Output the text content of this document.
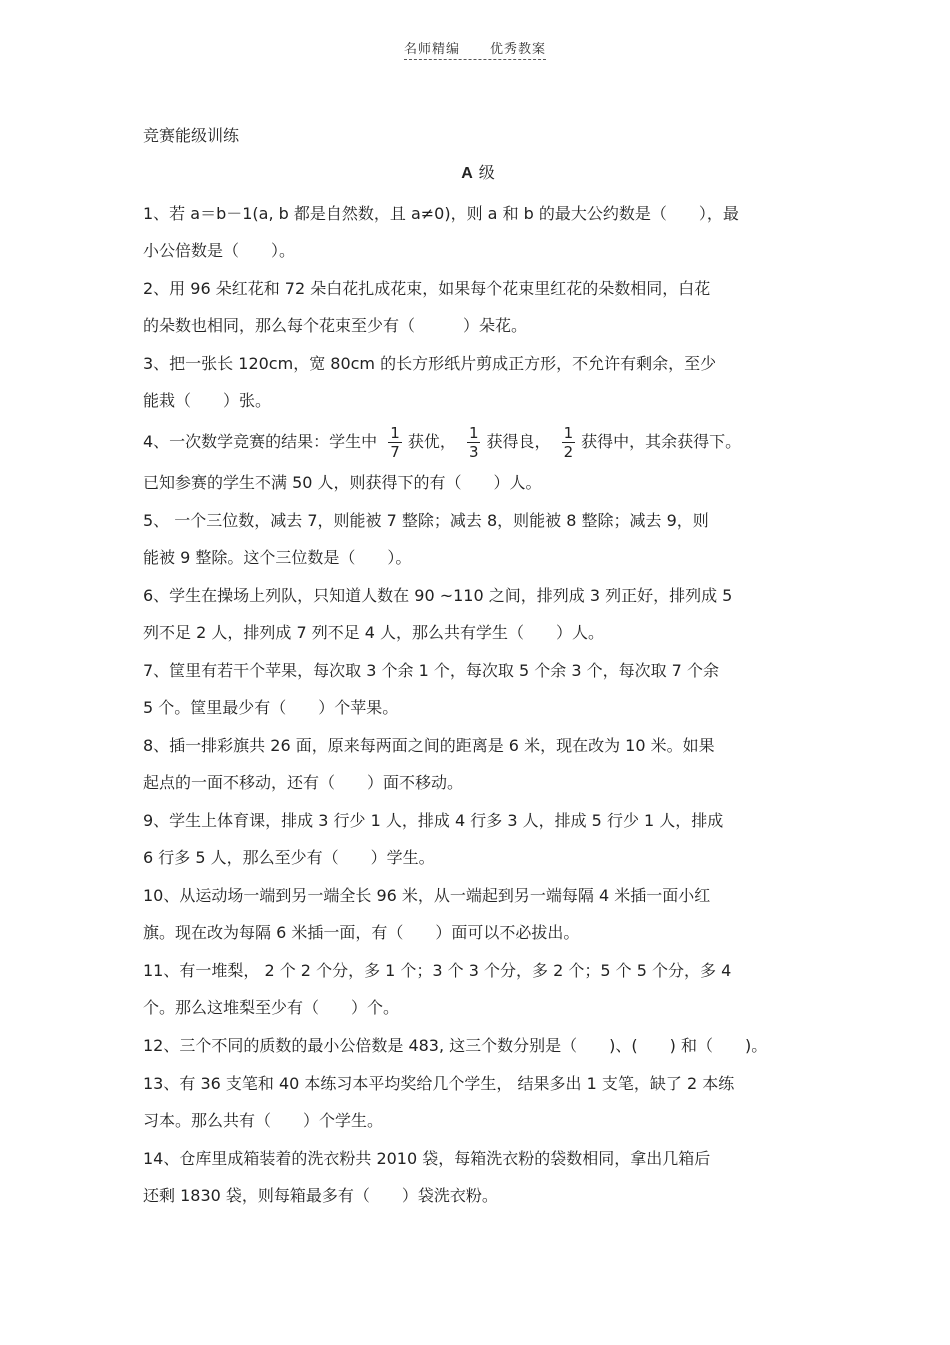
名师精编 优秀教案
竞赛能级训练
A 级
1、若 a＝b－1(a, b 都是自然数，且 a≠0)，则 a 和 b 的最大公约数是（　　），最
小公倍数是（　　）。
2、用 96 朵红花和 72 朵白花扎成花束，如果每个花束里红花的朵数相同，白花
的朵数也相同，那么每个花束至少有（　　　）朵花。
3、把一张长 120cm，宽 80cm 的长方形纸片剪成正方形，不允许有剩余，至少
能栽（　　）张。
4、一次数学竞赛的结果：学生中 $\frac{1}{7}$ 获优， $\frac{1}{3}$ 获得良， $\frac{1}{2}$ 获得中，其余获得下。
已知参赛的学生不满 50 人，则获得下的有（　　）人。
5、 一个三位数，减去 7，则能被 7 整除；减去 8，则能被 8 整除；减去 9，则
能被 9 整除。这个三位数是（　　）。
6、学生在操场上列队，只知道人数在 90 ~110 之间，排列成 3 列正好，排列成 5
列不足 2 人，排列成 7 列不足 4 人，那么共有学生（　　）人。
7、筐里有若干个苹果，每次取 3 个余 1 个，每次取 5 个余 3 个，每次取 7 个余
5 个。筐里最少有（　　）个苹果。
8、插一排彩旗共 26 面，原来每两面之间的距离是 6 米，现在改为 10 米。如果
起点的一面不移动，还有（　　）面不移动。
9、学生上体育课，排成 3 行少 1 人，排成 4 行多 3 人，排成 5 行少 1 人，排成
6 行多 5 人，那么至少有（　　）学生。
10、从运动场一端到另一端全长 96 米，从一端起到另一端每隔 4 米插一面小红
旗。现在改为每隔 6 米插一面，有（　　）面可以不必拔出。
11、有一堆梨， 2 个 2 个分，多 1 个；3 个 3 个分，多 2 个；5 个 5 个分，多 4
个。那么这堆梨至少有（　　）个。
12、三个不同的质数的最小公倍数是 483, 这三个数分别是（　　)、(　　) 和（　　)。
13、有 36 支笔和 40 本练习本平均奖给几个学生， 结果多出 1 支笔，缺了 2 本练
习本。那么共有（　　）个学生。
14、仓库里成箱装着的洗衣粉共 2010 袋，每箱洗衣粉的袋数相同，拿出几箱后
还剩 1830 袋，则每箱最多有（　　）袋洗衣粉。
